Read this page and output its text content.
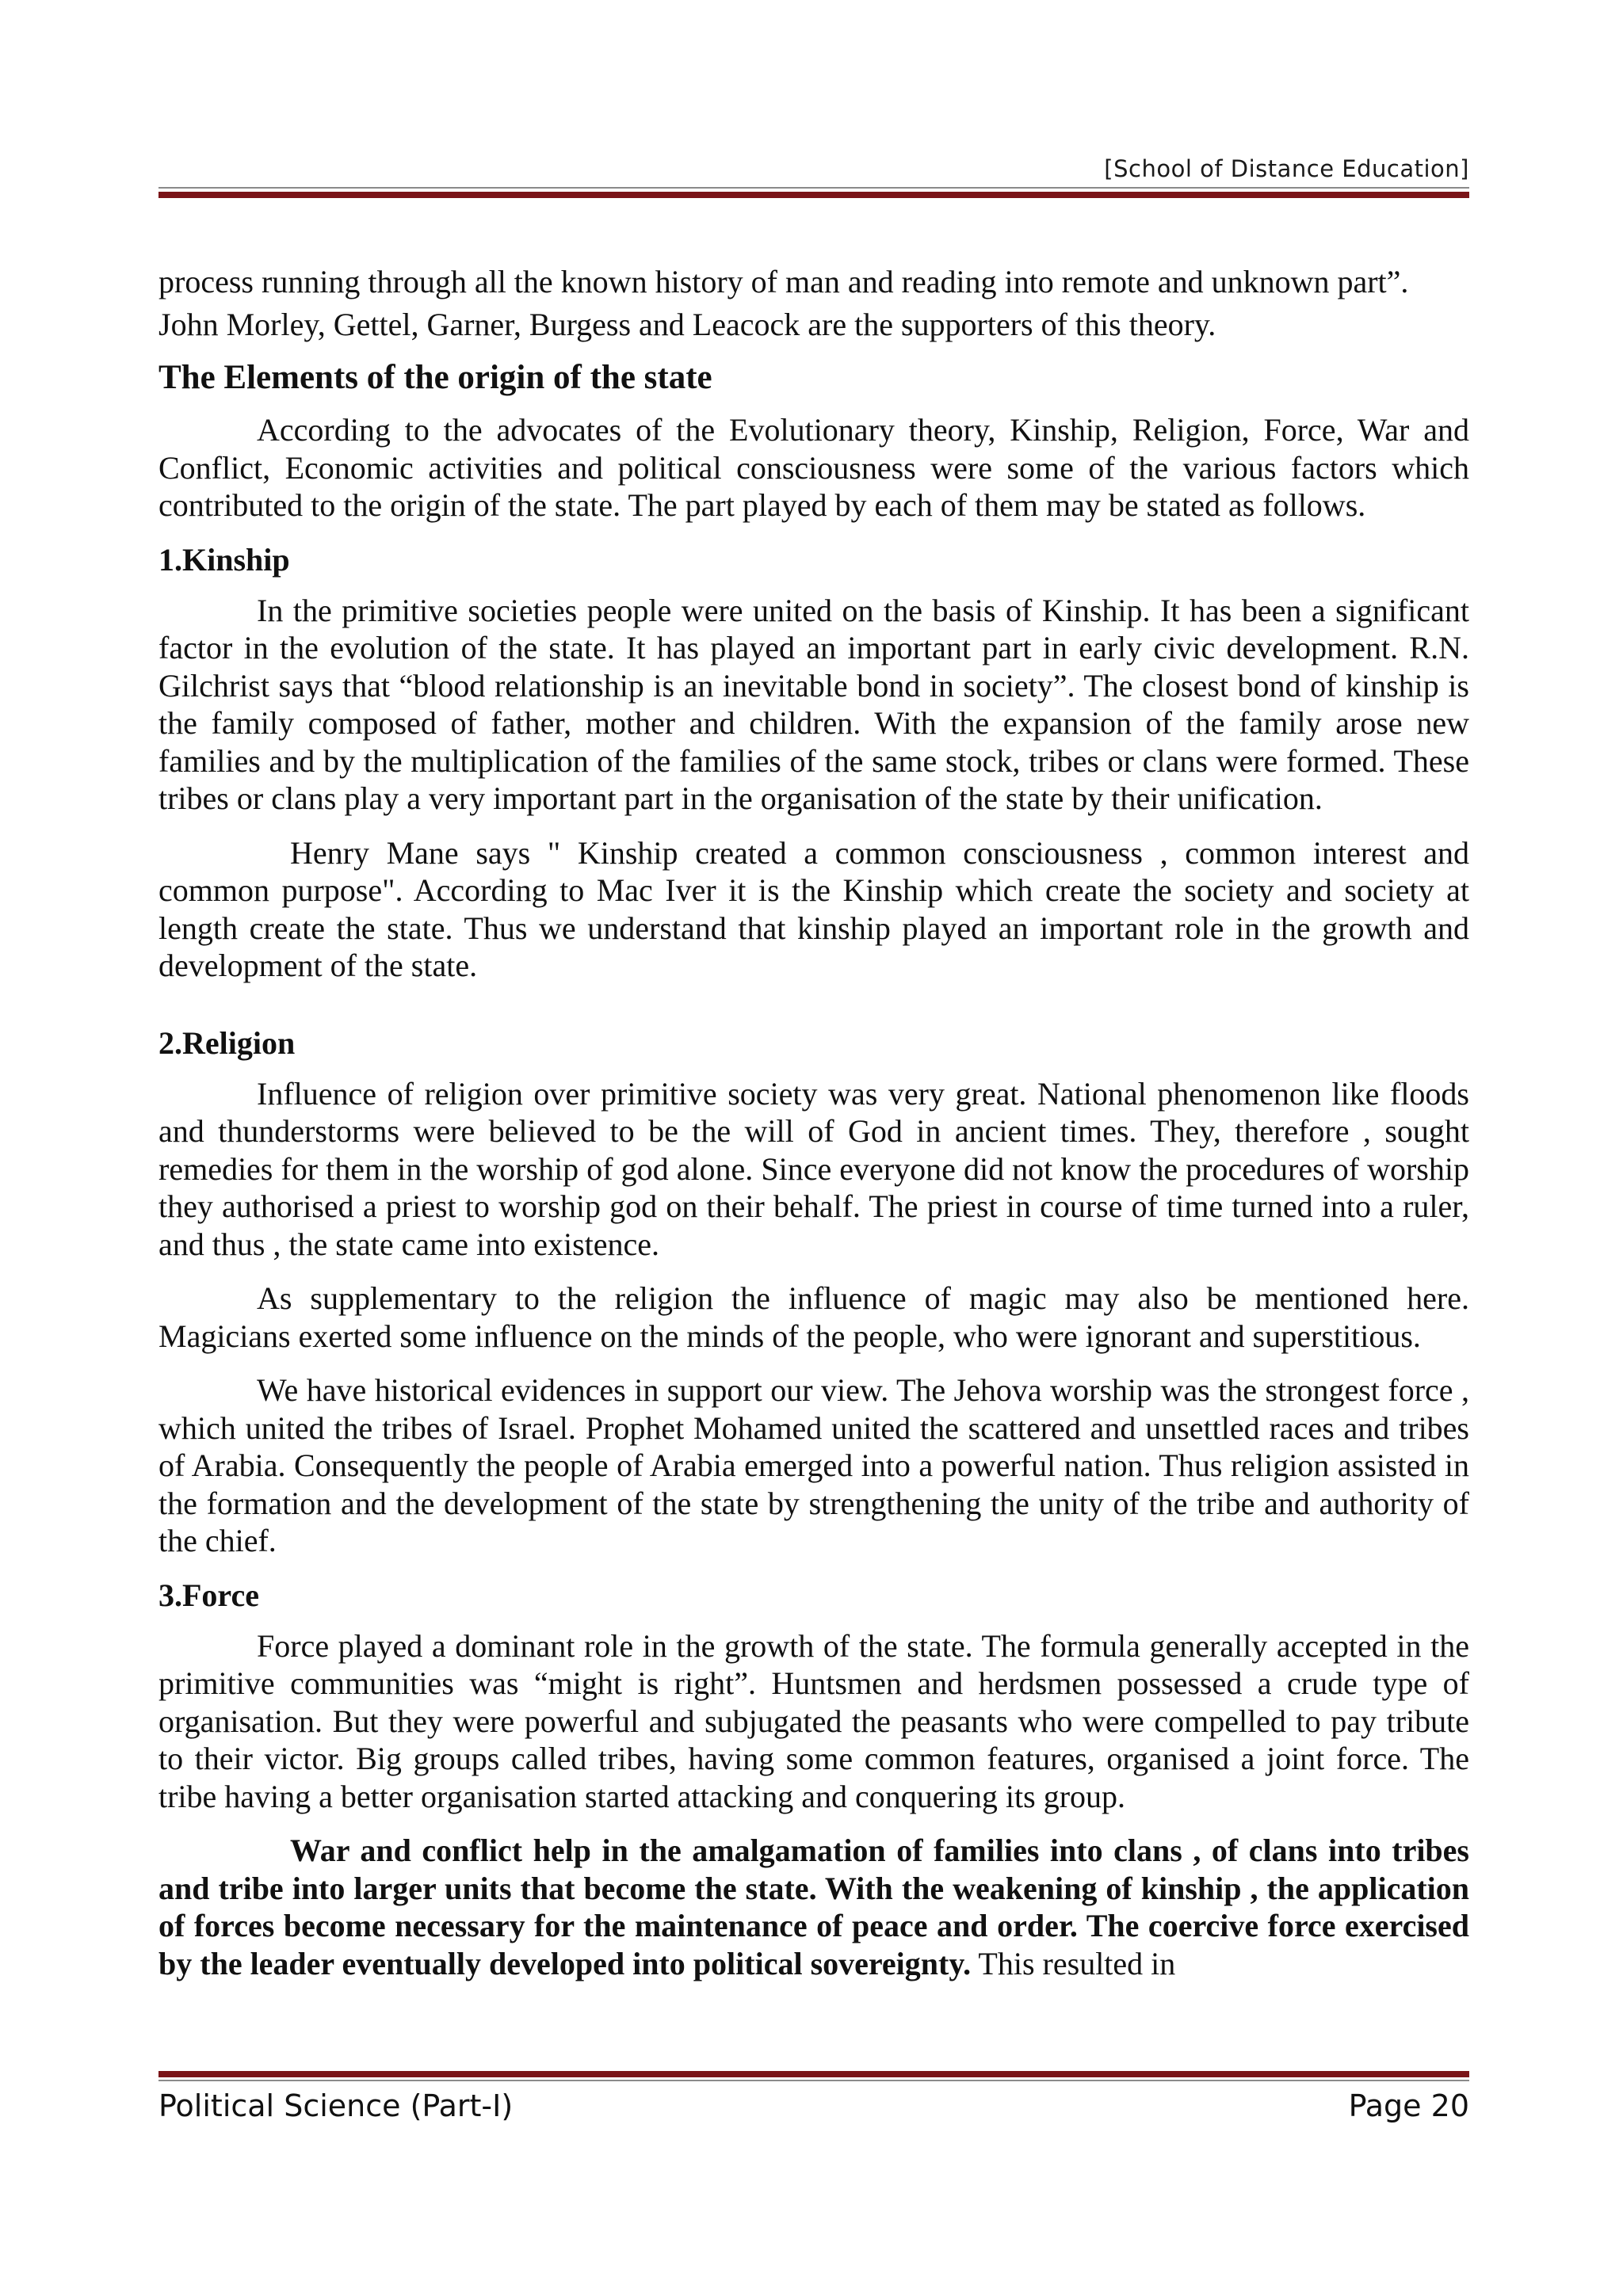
[School of Distance Education]

process running through all the known history of man and reading into remote and unknown part”.

John Morley, Gettel, Garner, Burgess and Leacock are the supporters of this theory.

The Elements of the origin of the state

According to the advocates of the Evolutionary theory, Kinship, Religion, Force, War and Conflict, Economic activities and political consciousness were some of the various factors which contributed to the origin of the state. The part played by each of them may be stated as follows.

1.Kinship

In the primitive societies people were united on the basis of Kinship. It has been a significant factor in the evolution of the state. It has played an important part in early civic development. R.N. Gilchrist says that “blood relationship is an inevitable bond in society”. The closest bond of kinship is the family composed of father, mother and children. With the expansion of the family arose new families and by the multiplication of the families of the same stock, tribes or clans were formed. These tribes or clans play a very important part in the organisation of the state by their unification.

Henry Mane says " Kinship created a common consciousness , common interest and common purpose". According to Mac Iver it is the Kinship which create the society and society at length create the state. Thus we understand that kinship played an important role in the growth and development of the state.

2.Religion

Influence of religion over primitive society was very great. National phenomenon like floods and thunderstorms were believed to be the will of God in ancient times. They, therefore , sought remedies for them in the worship of god alone. Since everyone did not know the procedures of worship they authorised a priest to worship god on their behalf. The priest in course of time turned into a ruler, and thus , the state came into existence.

As supplementary to the religion the influence of magic may also be mentioned here. Magicians exerted some influence on the minds of the people, who were ignorant and superstitious.

We have historical evidences in support our view. The Jehova worship was the strongest force , which united the tribes of Israel. Prophet Mohamed united the scattered and unsettled races and tribes of Arabia. Consequently the people of Arabia emerged into a powerful nation. Thus religion assisted in the formation and the development of the state by strengthening the unity of the tribe and authority of the chief.

3.Force

Force played a dominant role in the growth of the state. The formula generally accepted in the primitive communities was “might is right”. Huntsmen and herdsmen possessed a crude type of organisation. But they were powerful and subjugated the peasants who were compelled to pay tribute to their victor. Big groups called tribes, having some common features, organised a joint force. The tribe having a better organisation started attacking and conquering its group.

War and conflict help in the amalgamation of families into clans , of clans into tribes and tribe into larger units that become the state. With the weakening of kinship , the application of forces become necessary for the maintenance of peace and order. The coercive force exercised by the leader eventually developed into political sovereignty. This resulted in

Political Science (Part-I)	Page 20
